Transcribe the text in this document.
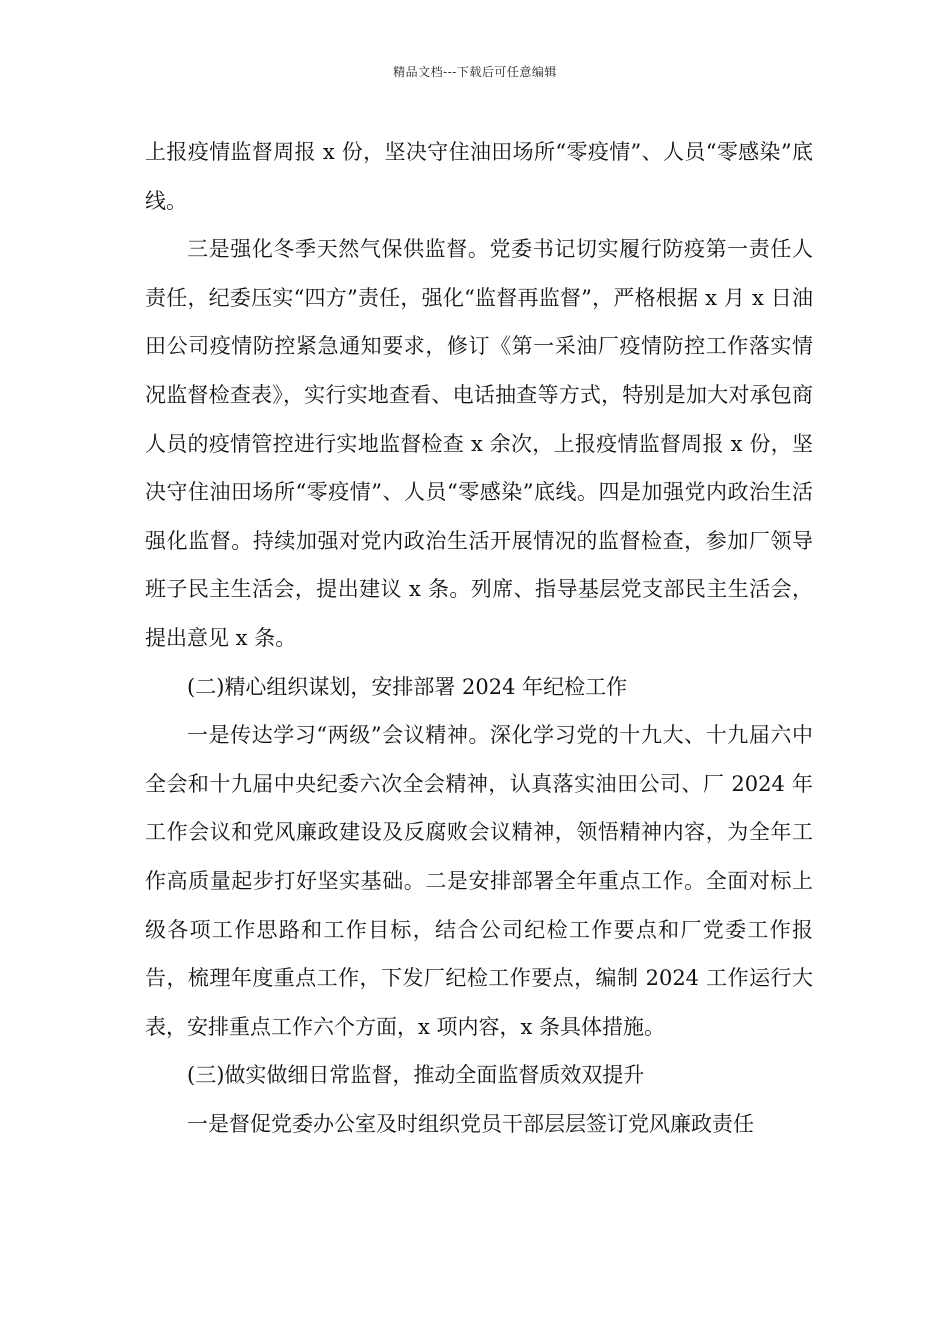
精品文档---下载后可任意编辑

上报疫情监督周报 x 份，坚决守住油田场所“零疫情”、人员“零感染”底线。

三是强化冬季天然气保供监督。党委书记切实履行防疫第一责任人责任，纪委压实“四方”责任，强化“监督再监督”，严格根据 x 月 x 日油田公司疫情防控紧急通知要求，修订《第一采油厂疫情防控工作落实情况监督检查表》，实行实地查看、电话抽查等方式，特别是加大对承包商人员的疫情管控进行实地监督检查 x 余次，上报疫情监督周报 x 份，坚决守住油田场所“零疫情”、人员“零感染”底线。四是加强党内政治生活强化监督。持续加强对党内政治生活开展情况的监督检查，参加厂领导班子民主生活会，提出建议 x 条。列席、指导基层党支部民主生活会，提出意见 x 条。

(二)精心组织谋划，安排部署 2024 年纪检工作

一是传达学习“两级”会议精神。深化学习党的十九大、十九届六中全会和十九届中央纪委六次全会精神，认真落实油田公司、厂 2024 年工作会议和党风廉政建设及反腐败会议精神，领悟精神内容，为全年工作高质量起步打好坚实基础。二是安排部署全年重点工作。全面对标上级各项工作思路和工作目标，结合公司纪检工作要点和厂党委工作报告，梳理年度重点工作，下发厂纪检工作要点，编制 2024 工作运行大表，安排重点工作六个方面，x 项内容，x 条具体措施。

(三)做实做细日常监督，推动全面监督质效双提升

一是督促党委办公室及时组织党员干部层层签订党风廉政责任
